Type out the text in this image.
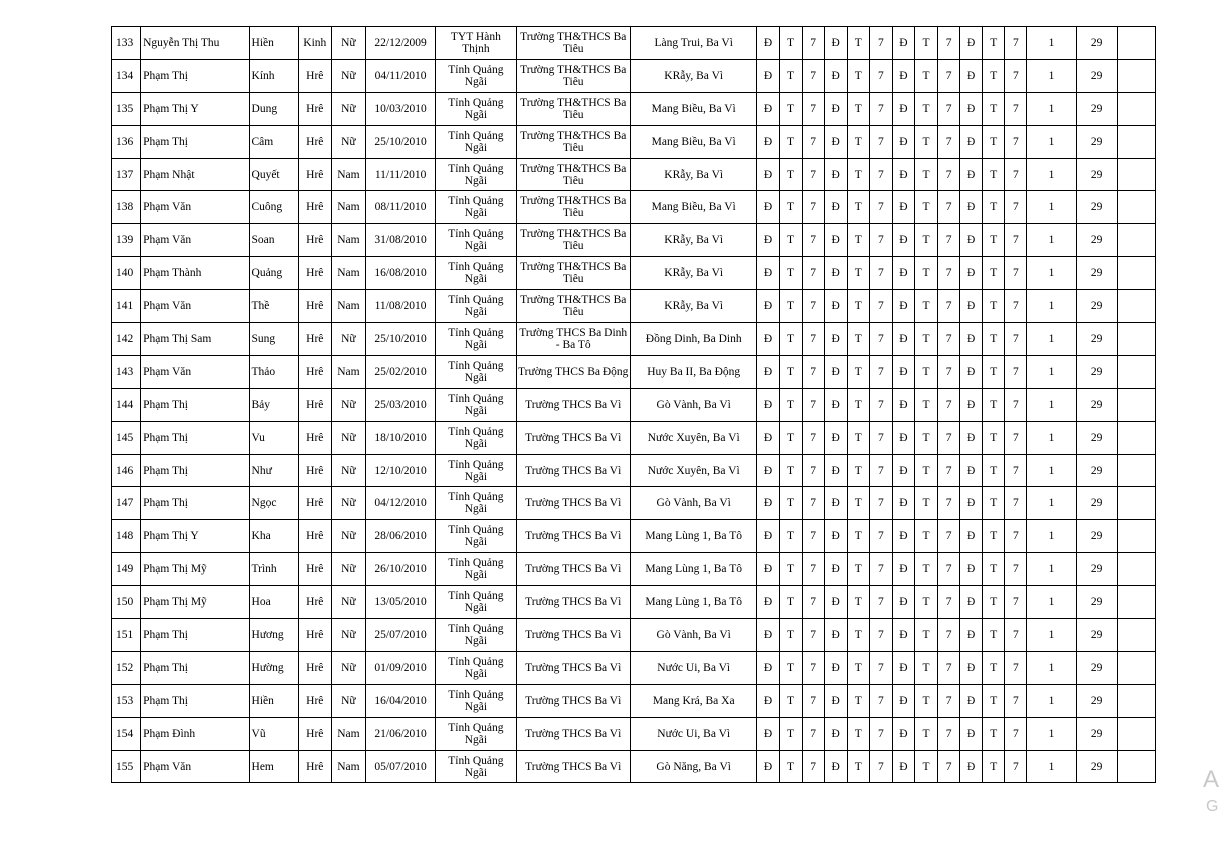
133	Nguyễn Thị Thu	Hiền	Kinh	Nữ	22/12/2009	TYT Hành Thịnh	Trường TH&THCS Ba Tiêu	Làng Trui, Ba Vì	Đ	T	7	Đ	T	7	Đ	T	7	Đ	T	7	1	29	
134	Phạm Thị	Kính	Hrê	Nữ	04/11/2010	Tỉnh Quảng Ngãi	Trường TH&THCS Ba Tiêu	KRẫy, Ba Vì	Đ	T	7	Đ	T	7	Đ	T	7	Đ	T	7	1	29	
135	Phạm Thị Y	Dung	Hrê	Nữ	10/03/2010	Tỉnh Quảng Ngãi	Trường TH&THCS Ba Tiêu	Mang Biều, Ba Vì	Đ	T	7	Đ	T	7	Đ	T	7	Đ	T	7	1	29	
136	Phạm Thị	Câm	Hrê	Nữ	25/10/2010	Tỉnh Quảng Ngãi	Trường TH&THCS Ba Tiêu	Mang Biều, Ba Vì	Đ	T	7	Đ	T	7	Đ	T	7	Đ	T	7	1	29	
137	Phạm Nhật	Quyết	Hrê	Nam	11/11/2010	Tỉnh Quảng Ngãi	Trường TH&THCS Ba Tiêu	KRẫy, Ba Vì	Đ	T	7	Đ	T	7	Đ	T	7	Đ	T	7	1	29	
138	Phạm Văn	Cuông	Hrê	Nam	08/11/2010	Tỉnh Quảng Ngãi	Trường TH&THCS Ba Tiêu	Mang Biều, Ba Vì	Đ	T	7	Đ	T	7	Đ	T	7	Đ	T	7	1	29	
139	Phạm Văn	Soan	Hrê	Nam	31/08/2010	Tỉnh Quảng Ngãi	Trường TH&THCS Ba Tiêu	KRẫy, Ba Vì	Đ	T	7	Đ	T	7	Đ	T	7	Đ	T	7	1	29	
140	Phạm Thành	Quảng	Hrê	Nam	16/08/2010	Tỉnh Quảng Ngãi	Trường TH&THCS Ba Tiêu	KRẫy, Ba Vì	Đ	T	7	Đ	T	7	Đ	T	7	Đ	T	7	1	29	
141	Phạm Văn	Thề	Hrê	Nam	11/08/2010	Tỉnh Quảng Ngãi	Trường TH&THCS Ba Tiêu	KRẫy, Ba Vì	Đ	T	7	Đ	T	7	Đ	T	7	Đ	T	7	1	29	
142	Phạm Thị Sam	Sung	Hrê	Nữ	25/10/2010	Tỉnh Quảng Ngãi	Trường THCS Ba Dinh - Ba Tô	Đồng Dinh, Ba Dinh	Đ	T	7	Đ	T	7	Đ	T	7	Đ	T	7	1	29	
143	Phạm Văn	Thảo	Hrê	Nam	25/02/2010	Tỉnh Quảng Ngãi	Trường THCS Ba Động	Huy Ba II, Ba Động	Đ	T	7	Đ	T	7	Đ	T	7	Đ	T	7	1	29	
144	Phạm Thị	Bảy	Hrê	Nữ	25/03/2010	Tỉnh Quảng Ngãi	Trường THCS Ba Vì	Gò Vành, Ba Vì	Đ	T	7	Đ	T	7	Đ	T	7	Đ	T	7	1	29	
145	Phạm Thị	Vu	Hrê	Nữ	18/10/2010	Tỉnh Quảng Ngãi	Trường THCS Ba Vì	Nước Xuyên, Ba Vì	Đ	T	7	Đ	T	7	Đ	T	7	Đ	T	7	1	29	
146	Phạm Thị	Như	Hrê	Nữ	12/10/2010	Tỉnh Quảng Ngãi	Trường THCS Ba Vì	Nước Xuyên, Ba Vì	Đ	T	7	Đ	T	7	Đ	T	7	Đ	T	7	1	29	
147	Phạm Thị	Ngọc	Hrê	Nữ	04/12/2010	Tỉnh Quảng Ngãi	Trường THCS Ba Vì	Gò Vành, Ba Vì	Đ	T	7	Đ	T	7	Đ	T	7	Đ	T	7	1	29	
148	Phạm Thị Y	Kha	Hrê	Nữ	28/06/2010	Tỉnh Quảng Ngãi	Trường THCS Ba Vì	Mang Lùng 1, Ba Tô	Đ	T	7	Đ	T	7	Đ	T	7	Đ	T	7	1	29	
149	Phạm Thị Mỹ	Trình	Hrê	Nữ	26/10/2010	Tỉnh Quảng Ngãi	Trường THCS Ba Vì	Mang Lùng 1, Ba Tô	Đ	T	7	Đ	T	7	Đ	T	7	Đ	T	7	1	29	
150	Phạm Thị Mỹ	Hoa	Hrê	Nữ	13/05/2010	Tỉnh Quảng Ngãi	Trường THCS Ba Vì	Mang Lùng 1, Ba Tô	Đ	T	7	Đ	T	7	Đ	T	7	Đ	T	7	1	29	
151	Phạm Thị	Hương	Hrê	Nữ	25/07/2010	Tỉnh Quảng Ngãi	Trường THCS Ba Vì	Gò Vành, Ba Vì	Đ	T	7	Đ	T	7	Đ	T	7	Đ	T	7	1	29	
152	Phạm Thị	Hường	Hrê	Nữ	01/09/2010	Tỉnh Quảng Ngãi	Trường THCS Ba Vì	Nước Ui, Ba Vì	Đ	T	7	Đ	T	7	Đ	T	7	Đ	T	7	1	29	
153	Phạm Thị	Hiền	Hrê	Nữ	16/04/2010	Tỉnh Quảng Ngãi	Trường THCS Ba Vì	Mang Krá, Ba Xa	Đ	T	7	Đ	T	7	Đ	T	7	Đ	T	7	1	29	
154	Phạm Đình	Vũ	Hrê	Nam	21/06/2010	Tỉnh Quảng Ngãi	Trường THCS Ba Vì	Nước Ui, Ba Vì	Đ	T	7	Đ	T	7	Đ	T	7	Đ	T	7	1	29	
155	Phạm Văn	Hem	Hrê	Nam	05/07/2010	Tỉnh Quảng Ngãi	Trường THCS Ba Vì	Gò Năng, Ba Vì	Đ	T	7	Đ	T	7	Đ	T	7	Đ	T	7	1	29		A
G
